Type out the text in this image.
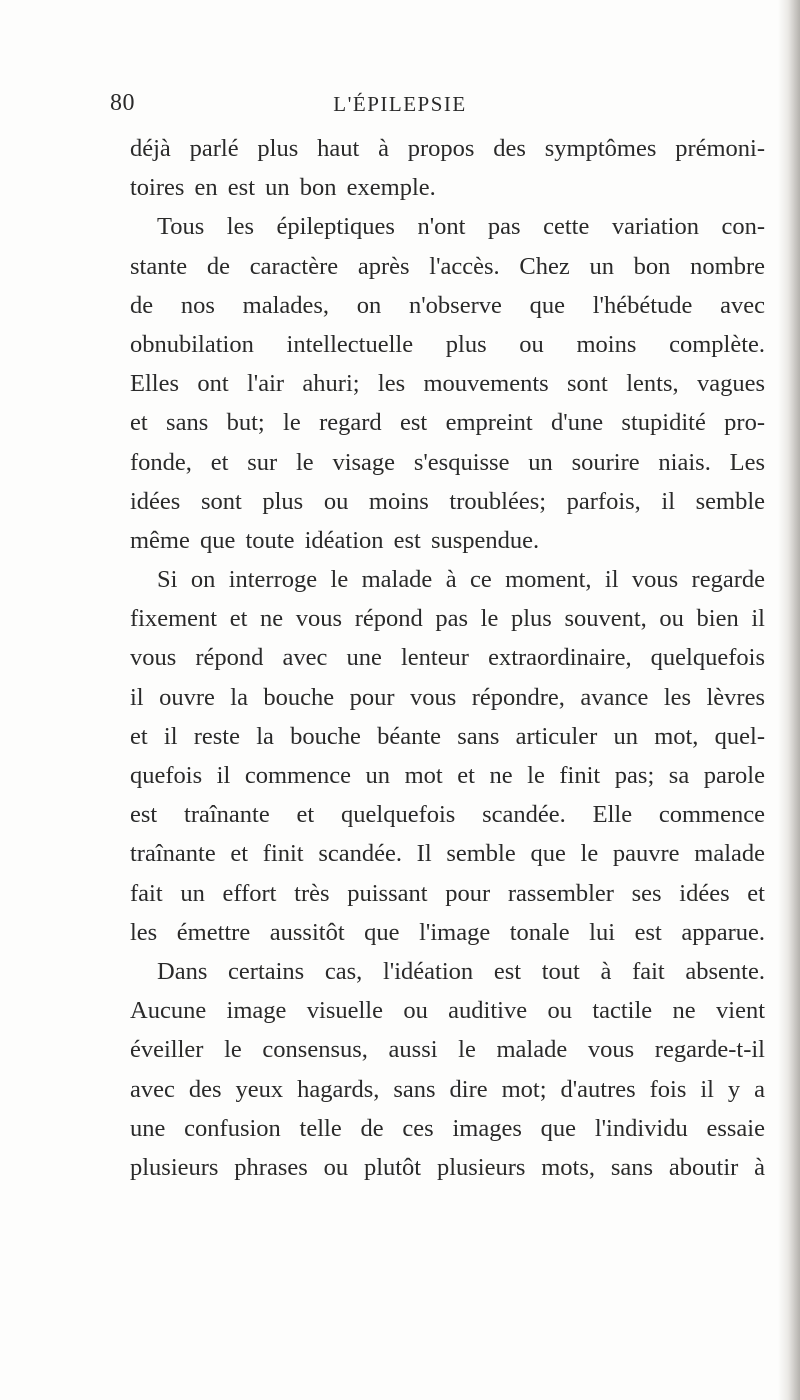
80	L'ÉPILEPSIE
déjà parlé plus haut à propos des symptômes prémoni-
toires en est un bon exemple.
Tous les épileptiques n'ont pas cette variation con-
stante de caractère après l'accès. Chez un bon nombre
de nos malades, on n'observe que l'hébétude avec
obnubilation intellectuelle plus ou moins complète.
Elles ont l'air ahuri; les mouvements sont lents, vagues
et sans but; le regard est empreint d'une stupidité pro-
fonde, et sur le visage s'esquisse un sourire niais. Les
idées sont plus ou moins troublées; parfois, il semble
même que toute idéation est suspendue.
Si on interroge le malade à ce moment, il vous regarde
fixement et ne vous répond pas le plus souvent, ou bien il
vous répond avec une lenteur extraordinaire, quelquefois
il ouvre la bouche pour vous répondre, avance les lèvres
et il reste la bouche béante sans articuler un mot, quel-
quefois il commence un mot et ne le finit pas; sa parole
est traînante et quelquefois scandée. Elle commence
traînante et finit scandée. Il semble que le pauvre malade
fait un effort très puissant pour rassembler ses idées et
les émettre aussitôt que l'image tonale lui est apparue.
Dans certains cas, l'idéation est tout à fait absente.
Aucune image visuelle ou auditive ou tactile ne vient
éveiller le consensus, aussi le malade vous regarde-t-il
avec des yeux hagards, sans dire mot; d'autres fois il y a
une confusion telle de ces images que l'individu essaie
plusieurs phrases ou plutôt plusieurs mots, sans aboutir à
